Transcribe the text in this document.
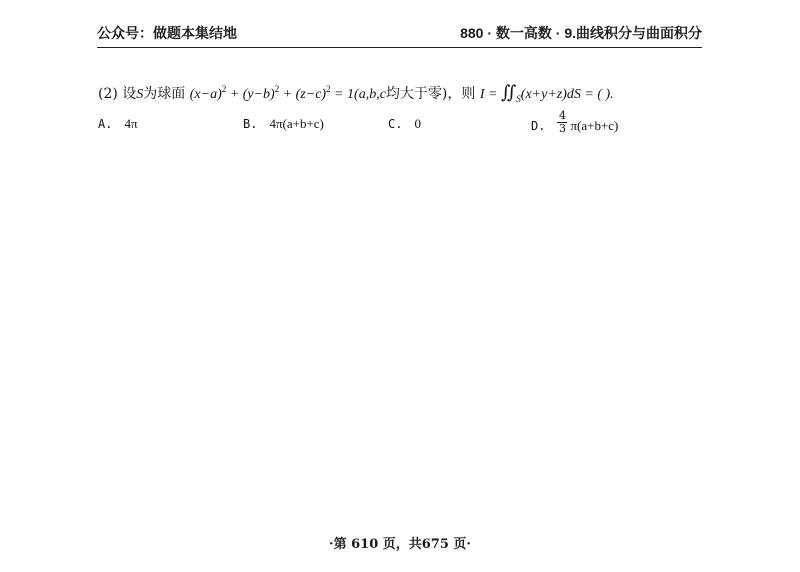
公众号：做题本集结地	880 · 数一高数 · 9.曲线积分与曲面积分
(2) 设S为球面 $(x-a)^2 + (y-b)^2 + (z-c)^2 = 1(a,b,c$均大于零)，则 $I = ∬_S(x+y+z)dS$ = ( ).
A. 4π	B. 4π(a+b+c)	C. 0	D. $\frac{4}{3} \pi(a+b+c)$
·第 610 页，共675 页·
